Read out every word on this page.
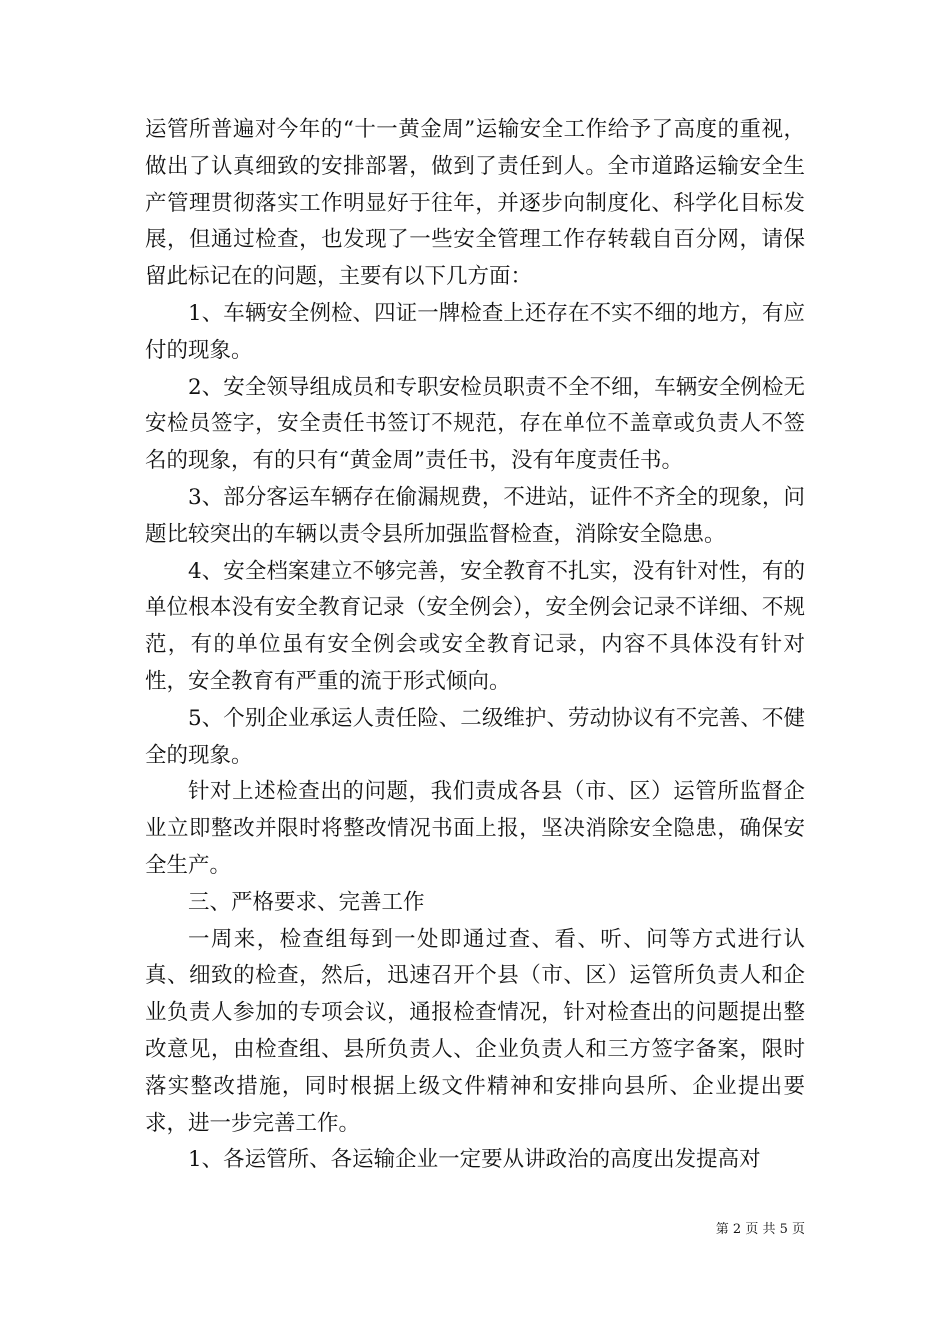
运管所普遍对今年的“十一黄金周”运输安全工作给予了高度的重视，做出了认真细致的安排部署，做到了责任到人。全市道路运输安全生产管理贯彻落实工作明显好于往年，并逐步向制度化、科学化目标发展，但通过检查，也发现了一些安全管理工作存转载自百分网，请保留此标记在的问题，主要有以下几方面：

1、车辆安全例检、四证一牌检查上还存在不实不细的地方，有应付的现象。

2、安全领导组成员和专职安检员职责不全不细，车辆安全例检无安检员签字，安全责任书签订不规范，存在单位不盖章或负责人不签名的现象，有的只有“黄金周”责任书，没有年度责任书。

3、部分客运车辆存在偷漏规费，不进站，证件不齐全的现象，问题比较突出的车辆以责令县所加强监督检查，消除安全隐患。

4、安全档案建立不够完善，安全教育不扎实，没有针对性，有的单位根本没有安全教育记录（安全例会），安全例会记录不详细、不规范，有的单位虽有安全例会或安全教育记录，内容不具体没有针对性，安全教育有严重的流于形式倾向。

5、个别企业承运人责任险、二级维护、劳动协议有不完善、不健全的现象。

针对上述检查出的问题，我们责成各县（市、区）运管所监督企业立即整改并限时将整改情况书面上报，坚决消除安全隐患，确保安全生产。

三、严格要求、完善工作

一周来，检查组每到一处即通过查、看、听、问等方式进行认真、细致的检查，然后，迅速召开个县（市、区）运管所负责人和企业负责人参加的专项会议，通报检查情况，针对检查出的问题提出整改意见，由检查组、县所负责人、企业负责人和三方签字备案，限时落实整改措施，同时根据上级文件精神和安排向县所、企业提出要求，进一步完善工作。

1、各运管所、各运输企业一定要从讲政治的高度出发提高对

第 2 页 共 5 页
